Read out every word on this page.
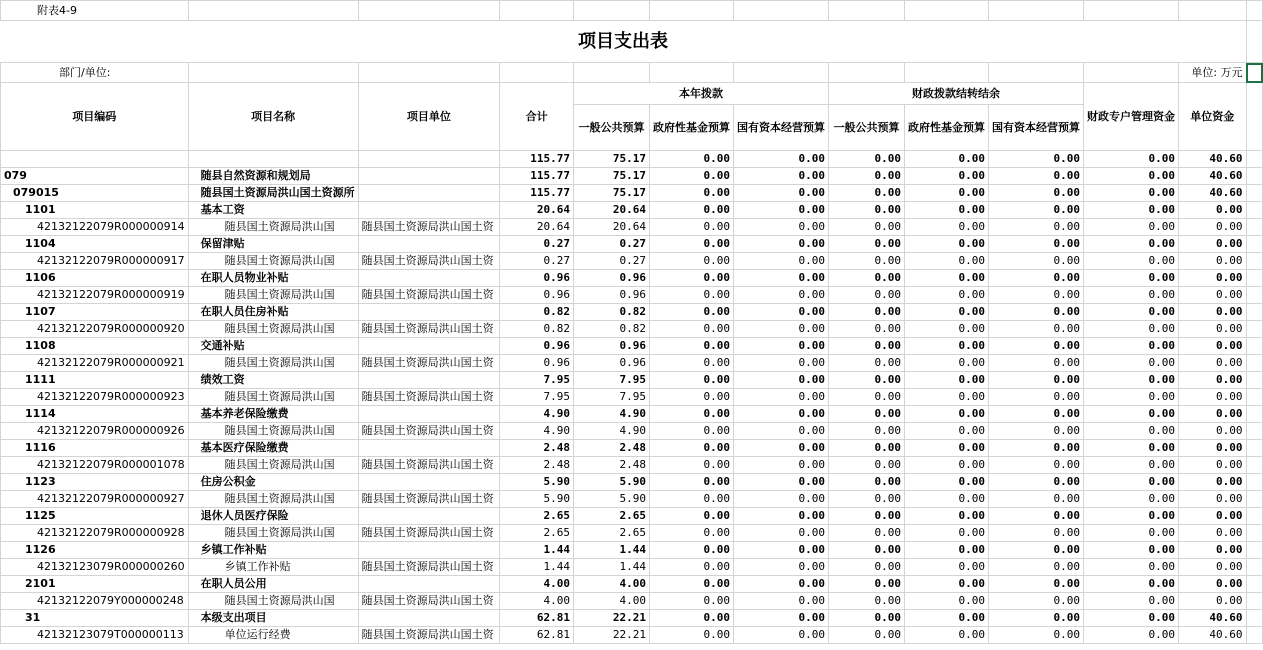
附表4-9												
项目支出表												
部门/单位:											单位: 万元	
项目编码	项目名称	项目单位	合计	本年拨款			财政拨款结转结余			财政专户管理资金	单位资金	
				一般公共预算	政府性基金预算	国有资本经营预算	一般公共预算	政府性基金预算	国有资本经营预算			
			115.77	75.17	0.00	0.00	0.00	0.00	0.00	0.00	40.60	
079	随县自然资源和规划局		115.77	75.17	0.00	0.00	0.00	0.00	0.00	0.00	40.60	
079015	随县国土资源局洪山国土资源所		115.77	75.17	0.00	0.00	0.00	0.00	0.00	0.00	40.60	
1101	基本工资		20.64	20.64	0.00	0.00	0.00	0.00	0.00	0.00	0.00	
42132122079R000000914	随县国土资源局洪山国	随县国土资源局洪山国土资	20.64	20.64	0.00	0.00	0.00	0.00	0.00	0.00	0.00	
1104	保留津贴		0.27	0.27	0.00	0.00	0.00	0.00	0.00	0.00	0.00	
42132122079R000000917	随县国土资源局洪山国	随县国土资源局洪山国土资	0.27	0.27	0.00	0.00	0.00	0.00	0.00	0.00	0.00	
1106	在职人员物业补贴		0.96	0.96	0.00	0.00	0.00	0.00	0.00	0.00	0.00	
42132122079R000000919	随县国土资源局洪山国	随县国土资源局洪山国土资	0.96	0.96	0.00	0.00	0.00	0.00	0.00	0.00	0.00	
1107	在职人员住房补贴		0.82	0.82	0.00	0.00	0.00	0.00	0.00	0.00	0.00	
42132122079R000000920	随县国土资源局洪山国	随县国土资源局洪山国土资	0.82	0.82	0.00	0.00	0.00	0.00	0.00	0.00	0.00	
1108	交通补贴		0.96	0.96	0.00	0.00	0.00	0.00	0.00	0.00	0.00	
42132122079R000000921	随县国土资源局洪山国	随县国土资源局洪山国土资	0.96	0.96	0.00	0.00	0.00	0.00	0.00	0.00	0.00	
1111	绩效工资		7.95	7.95	0.00	0.00	0.00	0.00	0.00	0.00	0.00	
42132122079R000000923	随县国土资源局洪山国	随县国土资源局洪山国土资	7.95	7.95	0.00	0.00	0.00	0.00	0.00	0.00	0.00	
1114	基本养老保险缴费		4.90	4.90	0.00	0.00	0.00	0.00	0.00	0.00	0.00	
42132122079R000000926	随县国土资源局洪山国	随县国土资源局洪山国土资	4.90	4.90	0.00	0.00	0.00	0.00	0.00	0.00	0.00	
1116	基本医疗保险缴费		2.48	2.48	0.00	0.00	0.00	0.00	0.00	0.00	0.00	
42132122079R000001078	随县国土资源局洪山国	随县国土资源局洪山国土资	2.48	2.48	0.00	0.00	0.00	0.00	0.00	0.00	0.00	
1123	住房公积金		5.90	5.90	0.00	0.00	0.00	0.00	0.00	0.00	0.00	
42132122079R000000927	随县国土资源局洪山国	随县国土资源局洪山国土资	5.90	5.90	0.00	0.00	0.00	0.00	0.00	0.00	0.00	
1125	退休人员医疗保险		2.65	2.65	0.00	0.00	0.00	0.00	0.00	0.00	0.00	
42132122079R000000928	随县国土资源局洪山国	随县国土资源局洪山国土资	2.65	2.65	0.00	0.00	0.00	0.00	0.00	0.00	0.00	
1126	乡镇工作补贴		1.44	1.44	0.00	0.00	0.00	0.00	0.00	0.00	0.00	
42132123079R000000260	乡镇工作补贴	随县国土资源局洪山国土资	1.44	1.44	0.00	0.00	0.00	0.00	0.00	0.00	0.00	
2101	在职人员公用		4.00	4.00	0.00	0.00	0.00	0.00	0.00	0.00	0.00	
42132122079Y000000248	随县国土资源局洪山国	随县国土资源局洪山国土资	4.00	4.00	0.00	0.00	0.00	0.00	0.00	0.00	0.00	
31	本级支出项目		62.81	22.21	0.00	0.00	0.00	0.00	0.00	0.00	40.60	
42132123079T000000113	单位运行经费	随县国土资源局洪山国土资	62.81	22.21	0.00	0.00	0.00	0.00	0.00	0.00	40.60	
